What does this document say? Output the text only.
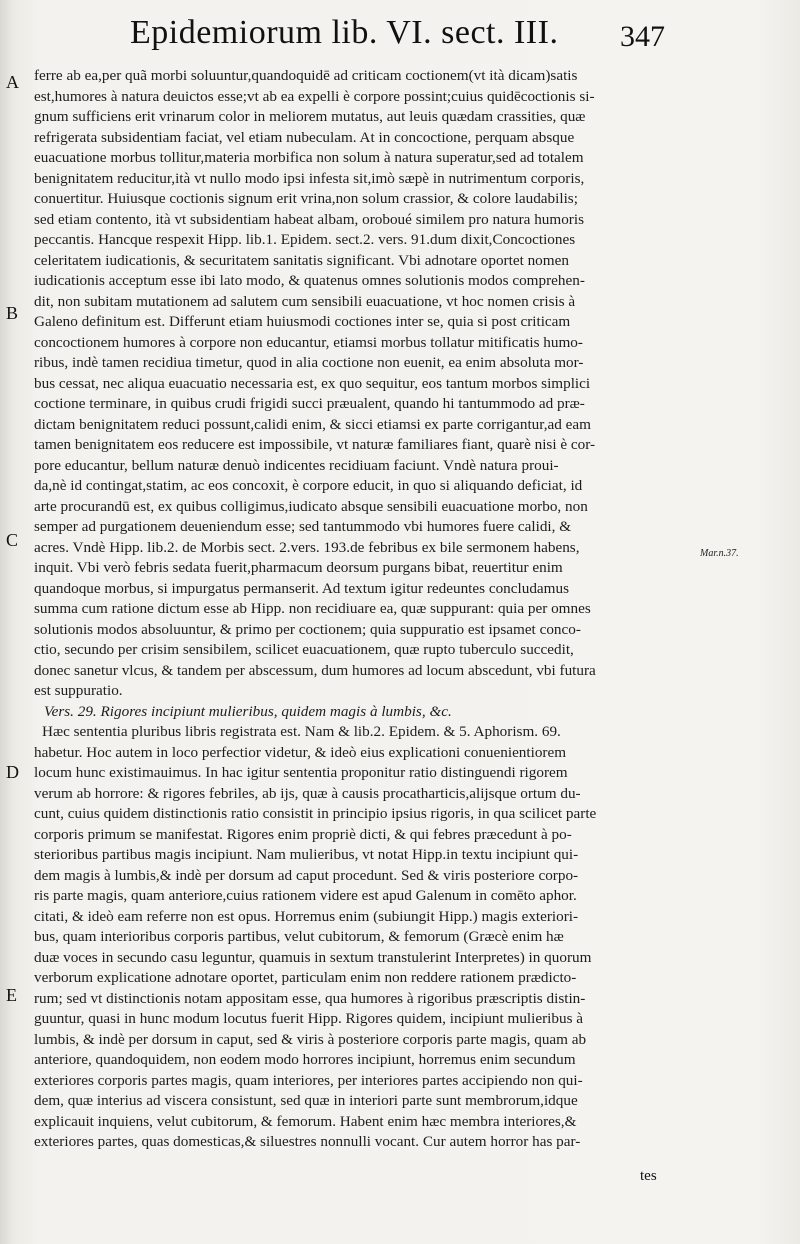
Epidemiorum lib. VI. sect. III. 347
A
B
C
D
E
Mar.n.37.
ferre ab ea,per quã morbi soluuntur,quandoquidē ad criticam coctionem(vt ità dicam)satis
est,humores à natura deuictos esse;vt ab ea expelli è corpore possint;cuius quidēcoctionis si-
gnum sufficiens erit vrinarum color in meliorem mutatus, aut leuis quædam crassities, quæ
refrigerata subsidentiam faciat, vel etiam nubeculam. At in concoctione, perquam absque
euacuatione morbus tollitur,materia morbifica non solum à natura superatur,sed ad totalem
benignitatem reducitur,ità vt nullo modo ipsi infesta sit,imò sæpè in nutrimentum corporis,
conuertitur. Huiusque coctionis signum erit vrina,non solum crassior, & colore laudabilis;
sed etiam contento, ità vt subsidentiam habeat albam, oroboué similem pro natura humoris
peccantis. Hancque respexit Hipp. lib.1. Epidem. sect.2. vers. 91.dum dixit,Concoctiones
celeritatem iudicationis, & securitatem sanitatis significant. Vbi adnotare oportet nomen
iudicationis acceptum esse ibi lato modo, & quatenus omnes solutionis modos comprehen-
dit, non subitam mutationem ad salutem cum sensibili euacuatione, vt hoc nomen crisis à
Galeno definitum est. Differunt etiam huiusmodi coctiones inter se, quia si post criticam
concoctionem humores à corpore non educantur, etiamsi morbus tollatur mitificatis humo-
ribus, indè tamen recidiua timetur, quod in alia coctione non euenit, ea enim absoluta mor-
bus cessat, nec aliqua euacuatio necessaria est, ex quo sequitur, eos tantum morbos simplici
coctione terminare, in quibus crudi frigidi succi præualent, quando hi tantummodo ad præ-
dictam benignitatem reduci possunt,calidi enim, & sicci etiamsi ex parte corrigantur,ad eam
tamen benignitatem eos reducere est impossibile, vt naturæ familiares fiant, quarè nisi è cor-
pore educantur, bellum naturæ denuò indicentes recidiuam faciunt. Vndè natura proui-
da,nè id contingat,statim, ac eos concoxit, è corpore educit, in quo si aliquando deficiat, id
arte procurandū est, ex quibus colligimus,iudicato absque sensibili euacuatione morbo, non
semper ad purgationem deueniendum esse; sed tantummodo vbi humores fuere calidi, &
acres. Vndè Hipp. lib.2. de Morbis sect. 2.vers. 193.de febribus ex bile sermonem habens,
inquit. Vbi verò febris sedata fuerit,pharmacum deorsum purgans bibat, reuertitur enim
quandoque morbus, si impurgatus permanserit. Ad textum igitur redeuntes concludamus
summa cum ratione dictum esse ab Hipp. non recidiuare ea, quæ suppurant: quia per omnes
solutionis modos absoluuntur, & primo per coctionem; quia suppuratio est ipsamet conco-
ctio, secundo per crisim sensibilem, scilicet euacuationem, quæ rupto tuberculo succedit,
donec sanetur vlcus, & tandem per abscessum, dum humores ad locum abscedunt, vbi futura
est suppuratio.
Vers. 29. Rigores incipiunt mulieribus, quidem magis à lumbis, &c.
Hæc sententia pluribus libris registrata est. Nam & lib.2. Epidem. & 5. Aphorism. 69.
habetur. Hoc autem in loco perfectior videtur, & ideò eius explicationi conuenientiorem
locum hunc existimauimus. In hac igitur sententia proponitur ratio distinguendi rigorem
verum ab horrore: & rigores febriles, ab ijs, quæ à causis procatharticis,alijsque ortum du-
cunt, cuius quidem distinctionis ratio consistit in principio ipsius rigoris, in qua scilicet parte
corporis primum se manifestat. Rigores enim propriè dicti, & qui febres præcedunt à po-
sterioribus partibus magis incipiunt. Nam mulieribus, vt notat Hipp.in textu incipiunt qui-
dem magis à lumbis,& indè per dorsum ad caput procedunt. Sed & viris posteriore corpo-
ris parte magis, quam anteriore,cuius rationem videre est apud Galenum in comēto aphor.
citati, & ideò eam referre non est opus. Horremus enim (subiungit Hipp.) magis exteriori-
bus, quam interioribus corporis partibus, velut cubitorum, & femorum (Græcè enim hæ
duæ voces in secundo casu leguntur, quamuis in sextum transtulerint Interpretes) in quorum
verborum explicatione adnotare oportet, particulam enim non reddere rationem prædicto-
rum; sed vt distinctionis notam appositam esse, qua humores à rigoribus præscriptis distin-
guuntur, quasi in hunc modum locutus fuerit Hipp. Rigores quidem, incipiunt mulieribus à
lumbis, & indè per dorsum in caput, sed & viris à posteriore corporis parte magis, quam ab
anteriore, quandoquidem, non eodem modo horrores incipiunt, horremus enim secundum
exteriores corporis partes magis, quam interiores, per interiores partes accipiendo non qui-
dem, quæ interius ad viscera consistunt, sed quæ in interiori parte sunt membrorum,idque
explicauit inquiens, velut cubitorum, & femorum. Habent enim hæc membra interiores,&
exteriores partes, quas domesticas,& siluestres nonnulli vocant. Cur autem horror has par-
tes
